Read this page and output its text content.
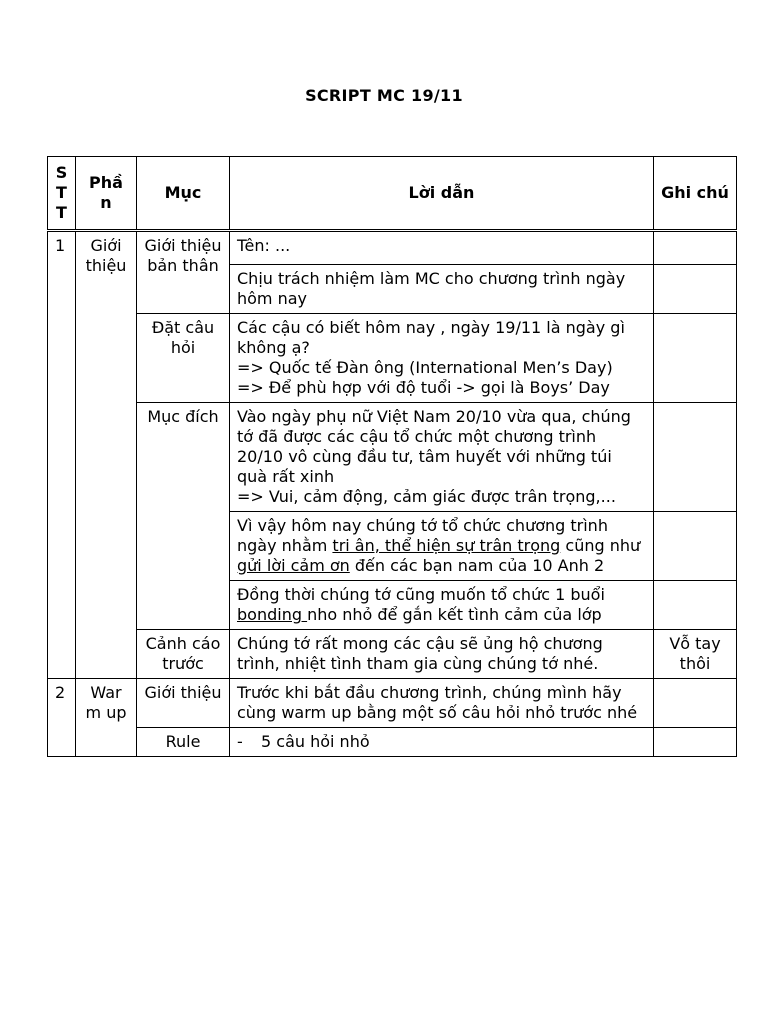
SCRIPT MC 19/11
S
T
T	Phầ n	Mục	Lời dẫn	Ghi chú
1	Giới thiệu	Giới thiệu bản thân	Tên: ...	
			Chịu trách nhiệm làm MC cho chương trình ngày hôm nay	
		Đặt câu hỏi	Các cậu có biết hôm nay , ngày 19/11 là ngày gì không ạ?
=> Quốc tế Đàn ông (International Men’s Day)
=> Để phù hợp với độ tuổi -> gọi là Boys’ Day	

		Mục đích	Vào ngày phụ nữ Việt Nam 20/10 vừa qua, chúng tớ đã được các cậu tổ chức một chương trình 20/10 vô cùng đầu tư, tâm huyết với những túi quà rất xinh
=> Vui, cảm động, cảm giác được trân trọng,...	

			Vì vậy hôm nay chúng tớ tổ chức chương trình ngày nhằm tri ân, thể hiện sự trân trọng cũng như gửi lời cảm ơn đến các bạn nam của 10 Anh 2	
			Đồng thời chúng tớ cũng muốn tổ chức 1 buổi bonding nho nhỏ để gắn kết tình cảm của lớp	
		Cảnh cáo trước	Chúng tớ rất mong các cậu sẽ ủng hộ chương trình, nhiệt tình tham gia cùng chúng tớ nhé.	Vỗ tay thôi
2	War m up	Giới thiệu	Trước khi bắt đầu chương trình, chúng mình hãy cùng warm up bằng một số câu hỏi nhỏ trước nhé	
		Rule	- 5 câu hỏi nhỏ	
